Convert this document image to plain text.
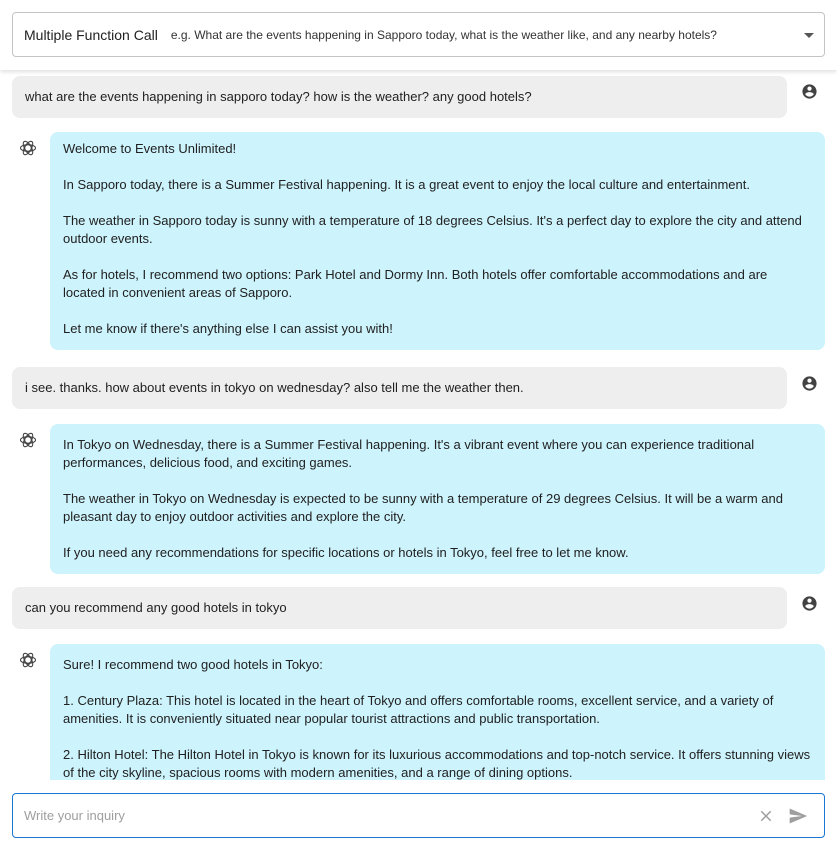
Multiple Function Call e.g. What are the events happening in Sapporo today, what is the weather like, and any nearby hotels?
what are the events happening in sapporo today? how is the weather? any good hotels?

Welcome to Events Unlimited!

In Sapporo today, there is a Summer Festival happening. It is a great event to enjoy the local culture and entertainment.

The weather in Sapporo today is sunny with a temperature of 18 degrees Celsius. It's a perfect day to explore the city and attend outdoor events.

As for hotels, I recommend two options: Park Hotel and Dormy Inn. Both hotels offer comfortable accommodations and are located in convenient areas of Sapporo.

Let me know if there's anything else I can assist you with!

i see. thanks. how about events in tokyo on wednesday? also tell me the weather then.

In Tokyo on Wednesday, there is a Summer Festival happening. It's a vibrant event where you can experience traditional performances, delicious food, and exciting games.

The weather in Tokyo on Wednesday is expected to be sunny with a temperature of 29 degrees Celsius. It will be a warm and pleasant day to enjoy outdoor activities and explore the city.

If you need any recommendations for specific locations or hotels in Tokyo, feel free to let me know.

can you recommend any good hotels in tokyo

Sure! I recommend two good hotels in Tokyo:

1. Century Plaza: This hotel is located in the heart of Tokyo and offers comfortable rooms, excellent service, and a variety of amenities. It is conveniently situated near popular tourist attractions and public transportation.

2. Hilton Hotel: The Hilton Hotel in Tokyo is known for its luxurious accommodations and top-notch service. It offers stunning views of the city skyline, spacious rooms with modern amenities, and a range of dining options.

Write your inquiry
